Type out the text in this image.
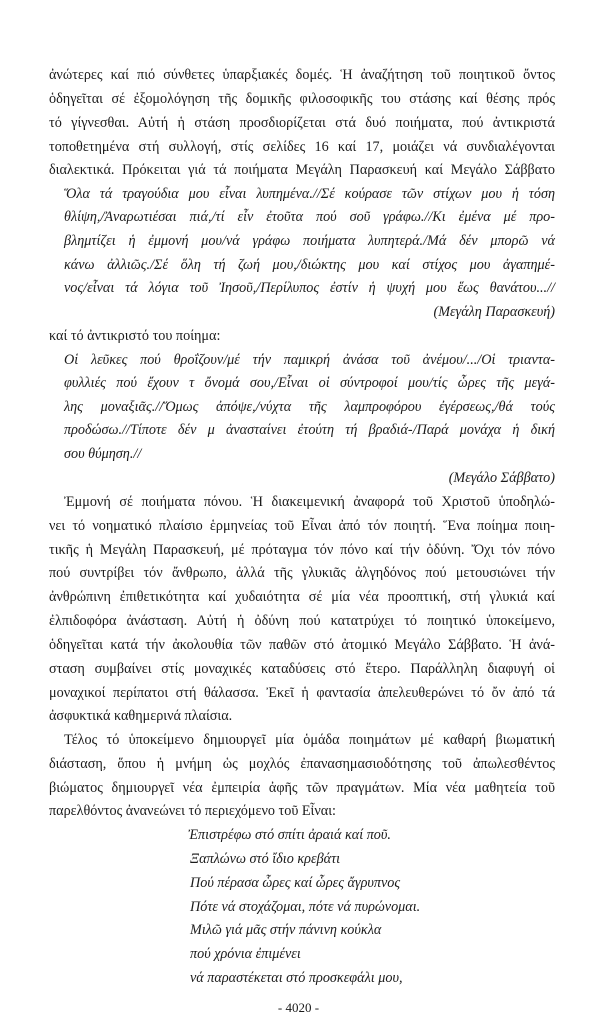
ἀνώτερες καί πιό σύνθετες ὑπαρξιακές δομές. Ἡ ἀναζήτηση τοῦ ποιητικοῦ ὄντος
ὁδηγεῖται σέ ἐξομολόγηση τῆς δομικῆς φιλοσοφικῆς του στάσης καί θέσης πρός
τό γίγνεσθαι. Αὐτή ἡ στάση προσδιορίζεται στά δυό ποιήματα, πού ἀντικριστά
τοποθετημένα στή συλλογή, στίς σελίδες 16 καί 17, μοιάζει νά συνδιαλέγονται
διαλεκτικά. Πρόκειται γιά τά ποιήματα Μεγάλη Παρασκευή καί Μεγάλο Σάββατο
Ὅλα τά τραγούδια μου εἶναι λυπημένα.//Σέ κούρασε τῶν στίχων μου ἡ τόση
θλίψη,/Ἀναρωτιέσαι πιά,/τί εἶν ἐτοῦτα πού σοῦ γράφω.//Κι ἐμένα μέ προ-
βλημτίζει ἡ ἐμμονή μου/νά γράφω ποιήματα λυπητερά./Μά δέν μπορῶ νά
κάνω ἀλλιῶς./Σέ ὅλη τή ζωή μου,/διώκτης μου καί στίχος μου ἀγαπημέ-
νος/εἶναι τά λόγια τοῦ Ἰησοῦ,/Περίλυπος ἐστίν ἡ ψυχή μου ἕως θανάτου...//
(Μεγάλη Παρασκευή)
καί τό ἀντικριστό του ποίημα:
Οἱ λεῦκες πού θροΐζουν/μέ τήν παμικρή ἀνάσα τοῦ ἀνέμου/.../Οἱ τριαντα-
φυλλιές πού ἔχουν τ ὄνομά σου,/Εἶναι οἱ σύντροφοί μου/τίς ὧρες τῆς μεγά-
λης μοναξιᾶς.//Ὅμως ἀπόψε,/νύχτα τῆς λαμπροφόρου ἐγέρσεως,/θά τούς
προδώσω.//Τίποτε δέν μ ἀνασταίνει ἐτούτη τή βραδιά-/Παρά μονάχα ἡ δική
σου θύμηση.//
(Μεγάλο Σάββατο)
Ἐμμονή σέ ποιήματα πόνου. Ἡ διακειμενική ἀναφορά τοῦ Χριστοῦ ὑποδηλώ-
νει τό νοηματικό πλαίσιο ἑρμηνείας τοῦ Εἶναι ἀπό τόν ποιητή. Ἕνα ποίημα ποιη-
τικῆς ἡ Μεγάλη Παρασκευή, μέ πρόταγμα τόν πόνο καί τήν ὀδύνη. Ὄχι τόν πόνο
πού συντρίβει τόν ἄνθρωπο, ἀλλά τῆς γλυκιᾶς ἀλγηδόνος πού μετουσιώνει τήν
ἀνθρώπινη ἐπιθετικότητα καί χυδαιότητα σέ μία νέα προοπτική, στή γλυκιά καί
ἐλπιδοφόρα ἀνάσταση. Αὐτή ἡ ὀδύνη πού κατατρύχει τό ποιητικό ὑποκείμενο,
ὁδηγεῖται κατά τήν ἀκολουθία τῶν παθῶν στό ἀτομικό Μεγάλο Σάββατο. Ἡ ἀνά-
σταση συμβαίνει στίς μοναχικές καταδύσεις στό ἕτερο. Παράλληλη διαφυγή οἱ
μοναχικοί περίπατοι στή θάλασσα. Ἐκεῖ ἡ φαντασία ἀπελευθερώνει τό ὄν ἀπό τά
ἀσφυκτικά καθημερινά πλαίσια.
Τέλος τό ὑποκείμενο δημιουργεῖ μία ὁμάδα ποιημάτων μέ καθαρή βιωματική
διάσταση, ὅπου ἡ μνήμη ὡς μοχλός ἐπανασημασιοδότησης τοῦ ἀπωλεσθέντος
βιώματος δημιουργεῖ νέα ἐμπειρία ἀφῆς τῶν πραγμάτων. Μία νέα μαθητεία τοῦ
παρελθόντος ἀνανεώνει τό περιεχόμενο τοῦ Εἶναι:
Ἐπιστρέφω στό σπίτι ἀραιά καί ποῦ.
Ξαπλώνω στό ἴδιο κρεβάτι
Πού πέρασα ὧρες καί ὧρες ἄγρυπνος
Πότε νά στοχάζομαι, πότε νά πυρώνομαι.
Μιλῶ γιά μᾶς στήν πάνινη κούκλα
πού χρόνια ἐπιμένει
νά παραστέκεται στό προσκεφάλι μου,
- 4020 -
